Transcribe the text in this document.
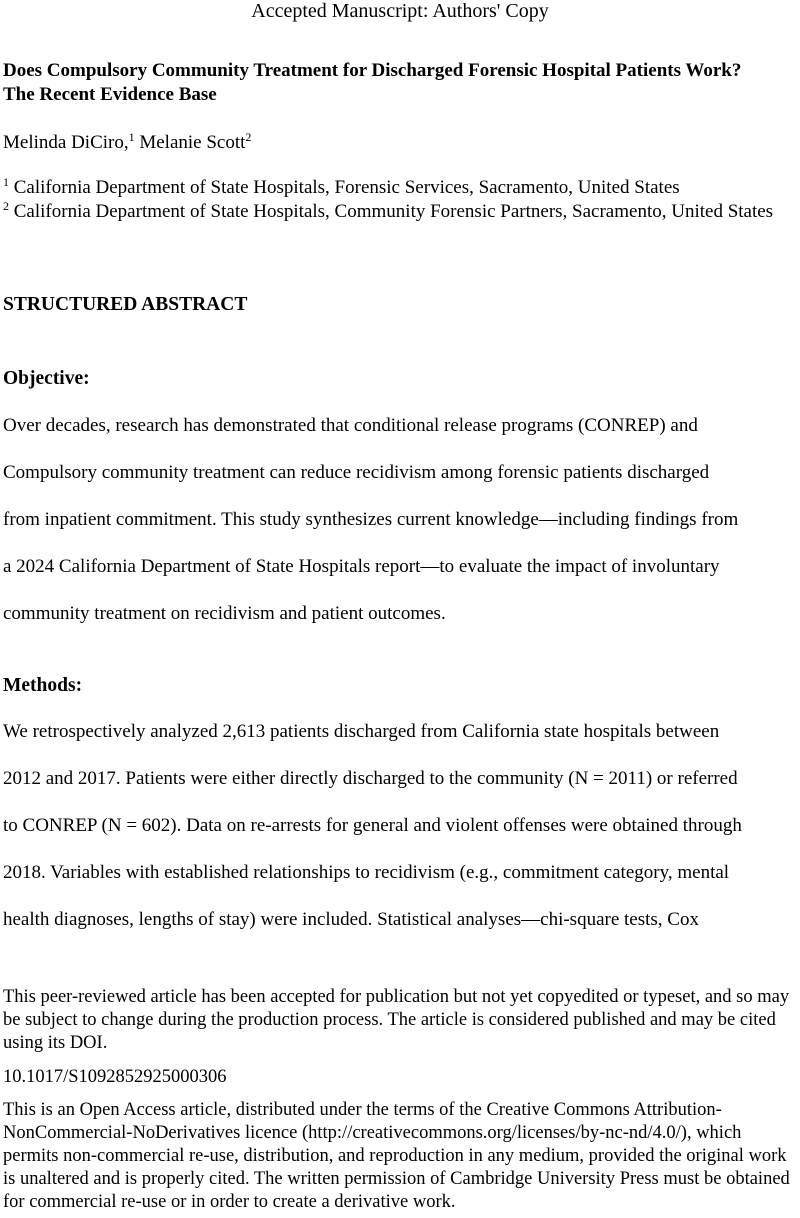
Accepted Manuscript: Authors' Copy
Does Compulsory Community Treatment for Discharged Forensic Hospital Patients Work?
The Recent Evidence Base
Melinda DiCiro,$^1$ Melanie Scott$^2$
$^1$ California Department of State Hospitals, Forensic Services, Sacramento, United States
$^2$ California Department of State Hospitals, Community Forensic Partners, Sacramento, United States
STRUCTURED ABSTRACT
Objective:
Over decades, research has demonstrated that conditional release programs (CONREP) and
Compulsory community treatment can reduce recidivism among forensic patients discharged
from inpatient commitment. This study synthesizes current knowledge—including findings from
a 2024 California Department of State Hospitals report—to evaluate the impact of involuntary
community treatment on recidivism and patient outcomes.
Methods:
We retrospectively analyzed 2,613 patients discharged from California state hospitals between
2012 and 2017. Patients were either directly discharged to the community (N = 2011) or referred
to CONREP (N = 602). Data on re-arrests for general and violent offenses were obtained through
2018. Variables with established relationships to recidivism (e.g., commitment category, mental
health diagnoses, lengths of stay) were included. Statistical analyses—chi-square tests, Cox
This peer-reviewed article has been accepted for publication but not yet copyedited or typeset, and so may be subject to change during the production process. The article is considered published and may be cited using its DOI.
10.1017/S1092852925000306
This is an Open Access article, distributed under the terms of the Creative Commons Attribution-NonCommercial-NoDerivatives licence (http://creativecommons.org/licenses/by-nc-nd/4.0/), which permits non-commercial re-use, distribution, and reproduction in any medium, provided the original work is unaltered and is properly cited. The written permission of Cambridge University Press must be obtained for commercial re-use or in order to create a derivative work.
